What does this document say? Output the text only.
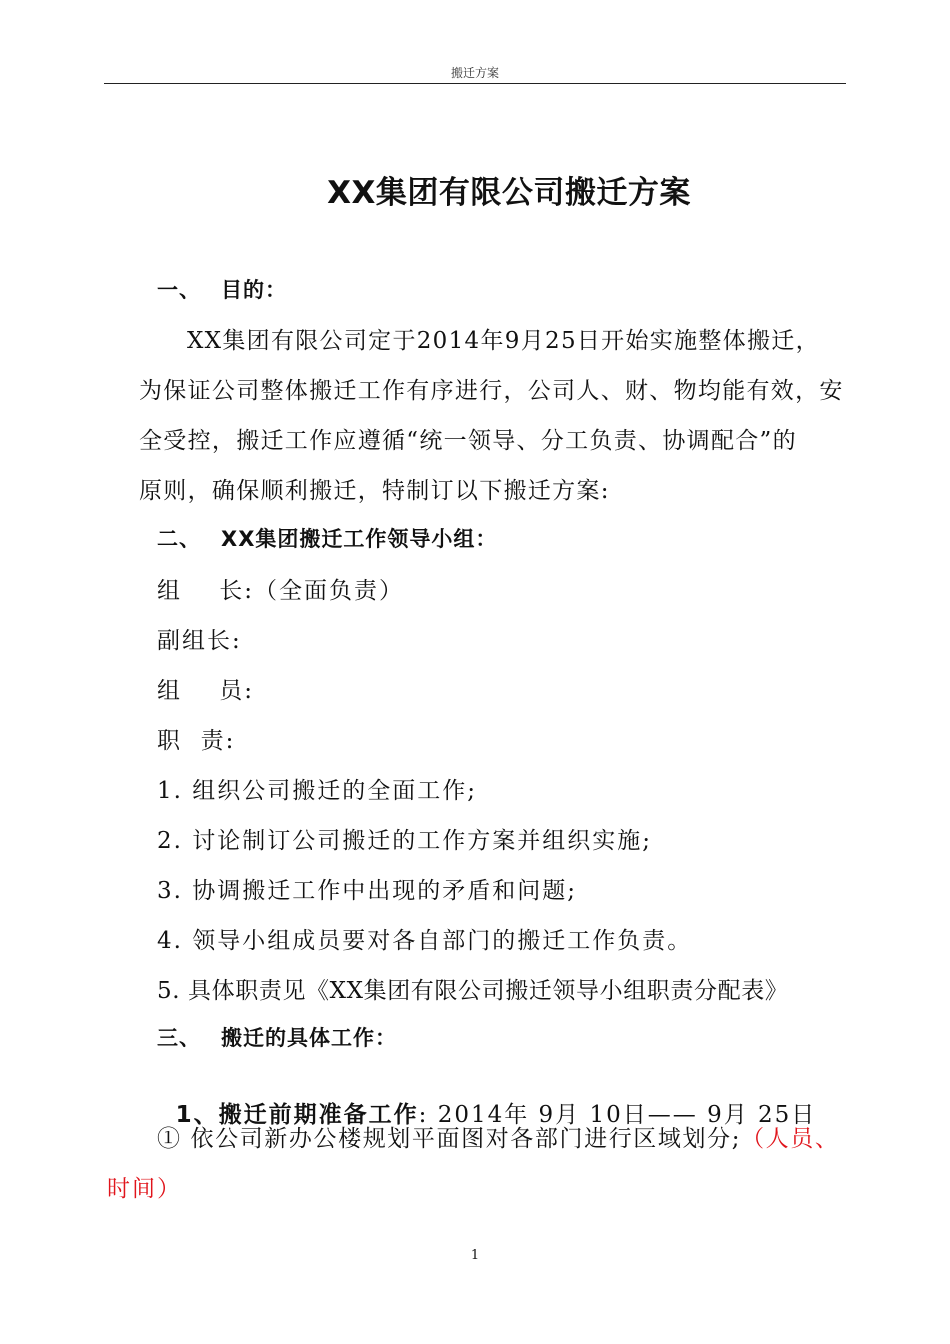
搬迁方案
XX集团有限公司搬迁方案
一、 目的：
XX集团有限公司定于2014年9月25日开始实施整体搬迁，
为保证公司整体搬迁工作有序进行，公司人、财、物均能有效，安
全受控，搬迁工作应遵循“统一领导、分工负责、协调配合”的
原则，确保顺利搬迁，特制订以下搬迁方案:
二、 XX集团搬迁工作领导小组：
组    长:（全面负责）
副组长:
组    员:
职  责:
1. 组织公司搬迁的全面工作;
2. 讨论制订公司搬迁的工作方案并组织实施;
3. 协调搬迁工作中出现的矛盾和问题;
4. 领导小组成员要对各自部门的搬迁工作负责。
5. 具体职责见《XX集团有限公司搬迁领导小组职责分配表》
三、 搬迁的具体工作：

1、搬迁前期准备工作: 2014年 9月 10日—— 9月 25日

① 依公司新办公楼规划平面图对各部门进行区域划分;（人员、
时间）
1
